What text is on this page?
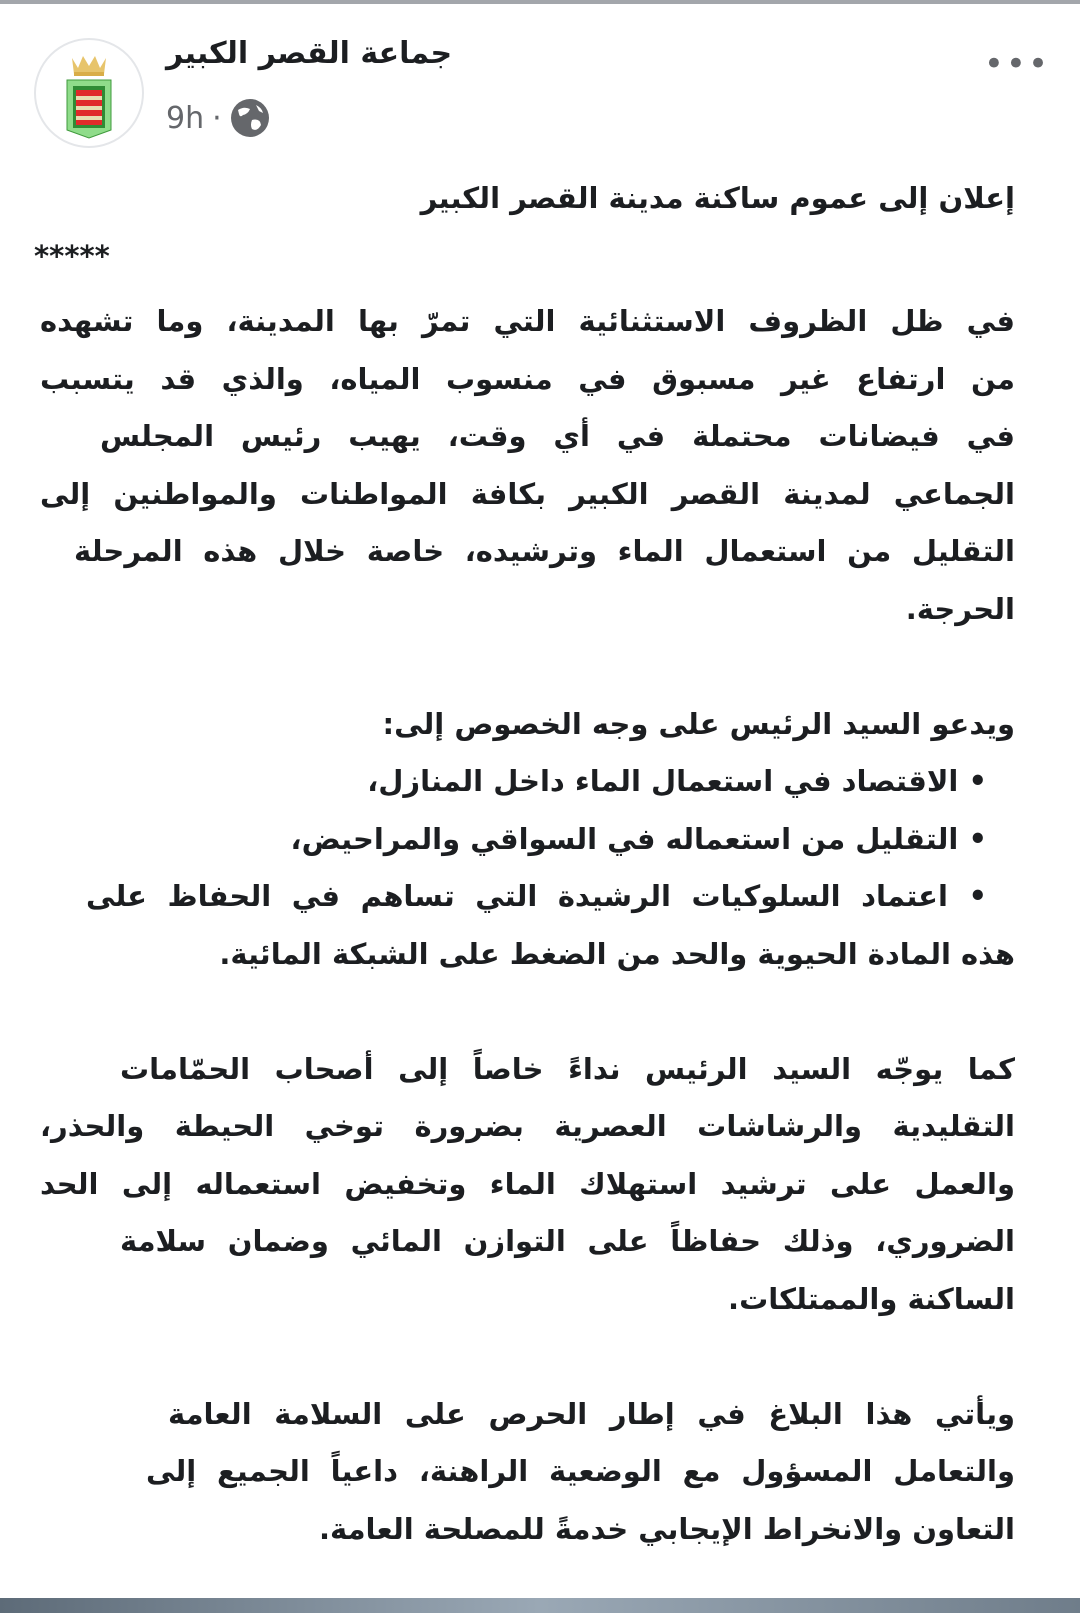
جماعة القصر الكبير
9h ·
•••
إعلان إلى عموم ساكنة مدينة القصر الكبير
*****
في ظل الظروف الاستثنائية التي تمرّ بها المدينة، وما تشهده
من ارتفاع غير مسبوق في منسوب المياه، والذي قد يتسبب
في فيضانات محتملة في أي وقت، يهيب رئيس المجلس
الجماعي لمدينة القصر الكبير بكافة المواطنات والمواطنين إلى
التقليل من استعمال الماء وترشيده، خاصة خلال هذه المرحلة
الحرجة.
ويدعو السيد الرئيس على وجه الخصوص إلى:
• الاقتصاد في استعمال الماء داخل المنازل،
• التقليل من استعماله في السواقي والمراحيض،
• اعتماد السلوكيات الرشيدة التي تساهم في الحفاظ على
هذه المادة الحيوية والحد من الضغط على الشبكة المائية.
كما يوجّه السيد الرئيس نداءً خاصاً إلى أصحاب الحمّامات
التقليدية والرشاشات العصرية بضرورة توخي الحيطة والحذر،
والعمل على ترشيد استهلاك الماء وتخفيض استعماله إلى الحد
الضروري، وذلك حفاظاً على التوازن المائي وضمان سلامة
الساكنة والممتلكات.
ويأتي هذا البلاغ في إطار الحرص على السلامة العامة
والتعامل المسؤول مع الوضعية الراهنة، داعياً الجميع إلى
التعاون والانخراط الإيجابي خدمةً للمصلحة العامة.
